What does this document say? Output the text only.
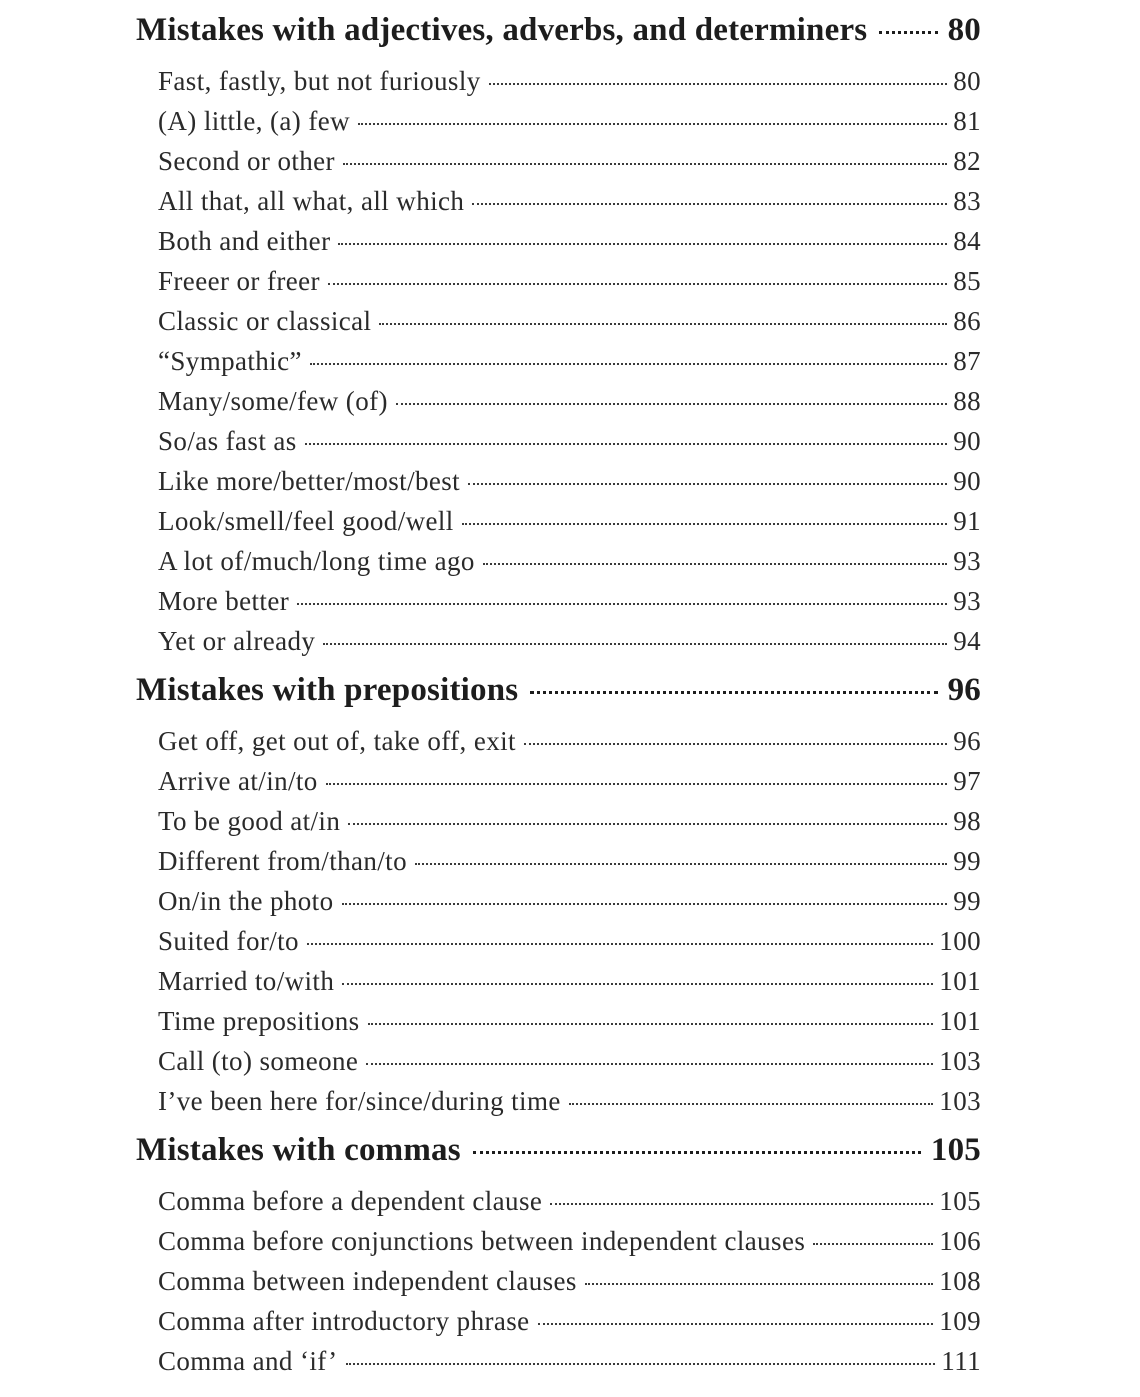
Mistakes with adjectives, adverbs, and determiners 80
Fast, fastly, but not furiously	80
(A) little, (a) few	81
Second or other	82
All that, all what, all which	83
Both and either	84
Freeer or freer	85
Classic or classical	86
“Sympathic”	87
Many/some/few (of)	88
So/as fast as	90
Like more/better/most/best	90
Look/smell/feel good/well	91
A lot of/much/long time ago	93
More better	93
Yet or already	94
Mistakes with prepositions	96
Get off, get out of, take off, exit	96
Arrive at/in/to	97
To be good at/in	98
Different from/than/to	99
On/in the photo	99
Suited for/to	100
Married to/with	101
Time prepositions	101
Call (to) someone	103
I’ve been here for/since/during time	103
Mistakes with commas	105
Comma before a dependent clause	105
Comma before conjunctions between independent clauses	106
Comma between independent clauses	108
Comma after introductory phrase	109
Comma and ‘if’	111
